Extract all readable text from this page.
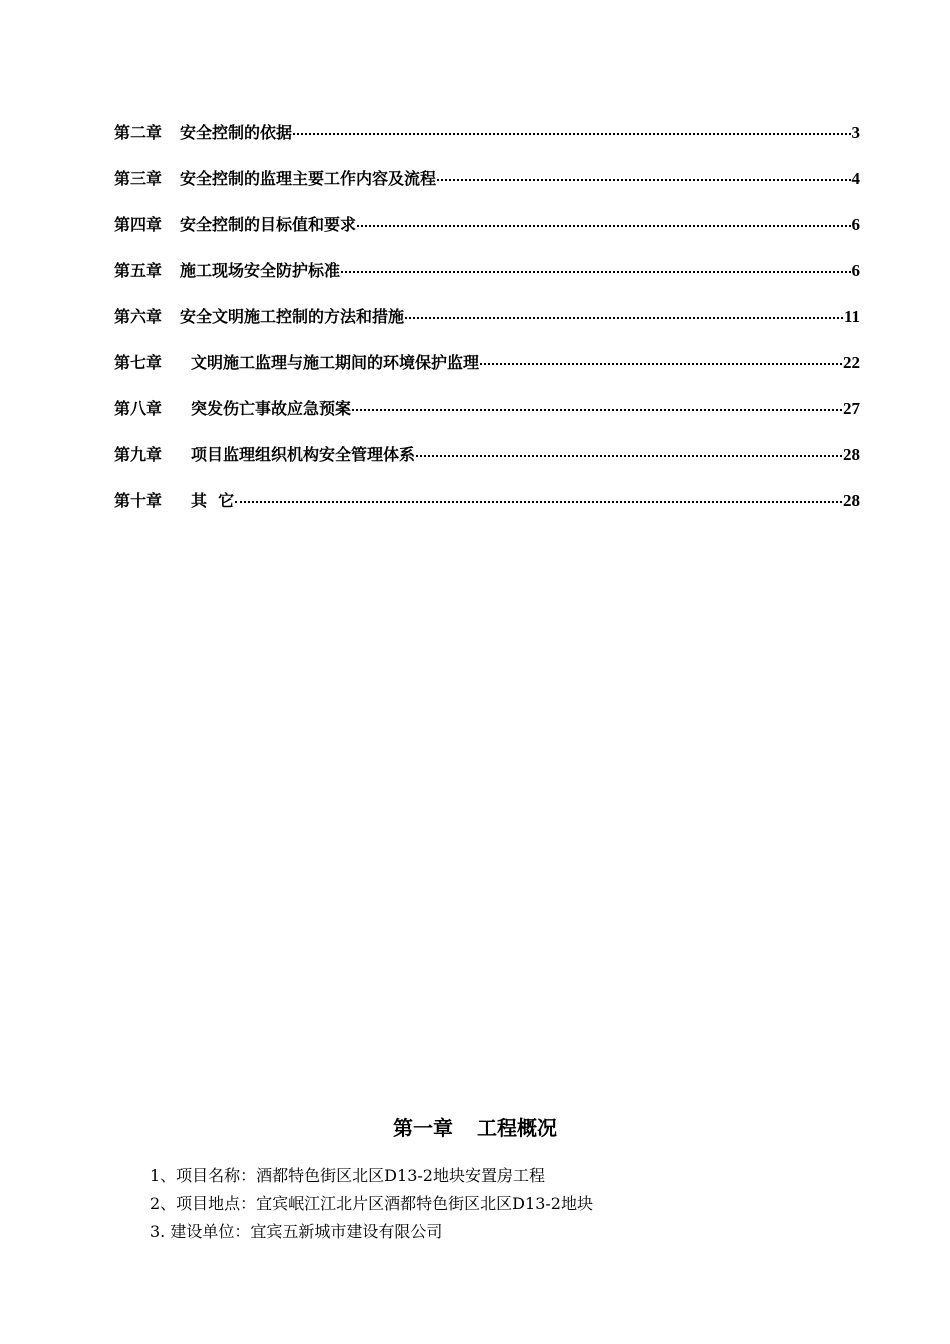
第二章 安全控制的依据	3
第三章 安全控制的监理主要工作内容及流程	4
第四章 安全控制的目标值和要求	6
第五章 施工现场安全防护标准	6
第六章 安全文明施工控制的方法和措施	11
第七章 文明施工监理与施工期间的环境保护监理	22
第八章 突发伤亡事故应急预案	27
第九章 项目监理组织机构安全管理体系	28
第十章 其  它	28
第一章 工程概况
1、项目名称：酒都特色街区北区D13-2地块安置房工程
2、项目地点：宜宾岷江江北片区酒都特色街区北区D13-2地块
3. 建设单位：宜宾五新城市建设有限公司
